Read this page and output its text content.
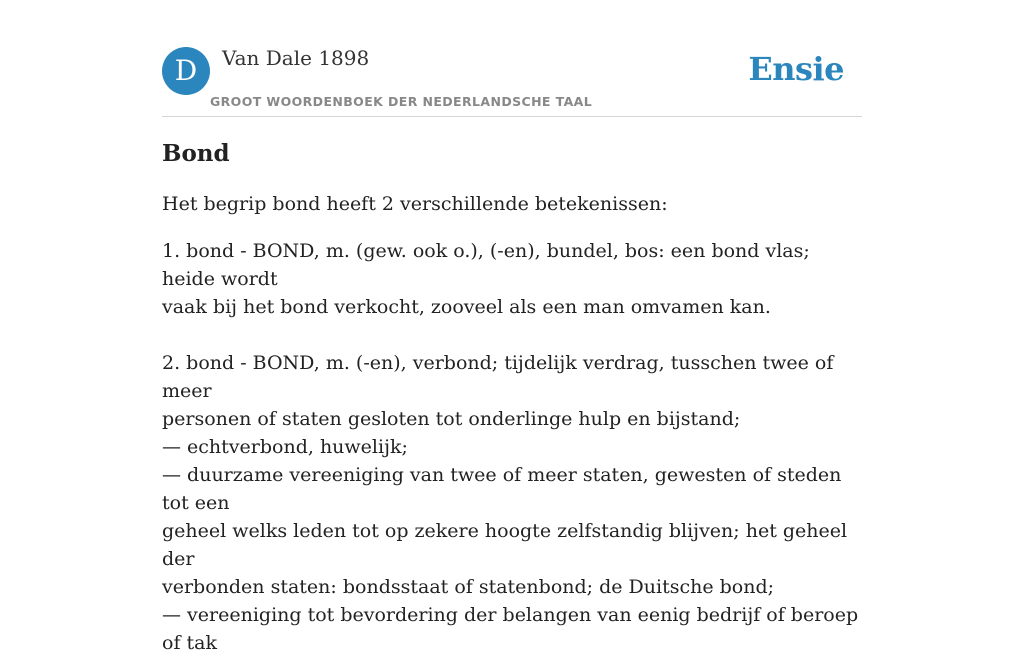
D	Van Dale 1898
GROOT WOORDENBOEK DER NEDERLANDSCHE TAAL
Ensie
Bond

Het begrip bond heeft 2 verschillende betekenissen:

1. bond - BOND, m. (gew. ook o.), (-en), bundel, bos: een bond vlas; heide wordt
vaak bij het bond verkocht, zooveel als een man omvamen kan.
2. bond - BOND, m. (-en), verbond; tijdelijk verdrag, tusschen twee of meer
personen of staten gesloten tot onderlinge hulp en bijstand;
— echtverbond, huwelijk;
— duurzame vereeniging van twee of meer staten, gewesten of steden tot een
geheel welks leden tot op zekere hoogte zelfstandig blijven; het geheel der
verbonden staten: bondsstaat of statenbond; de Duitsche bond;
— vereeniging tot bevordering der belangen van eenig bedrijf of beroep of tak
